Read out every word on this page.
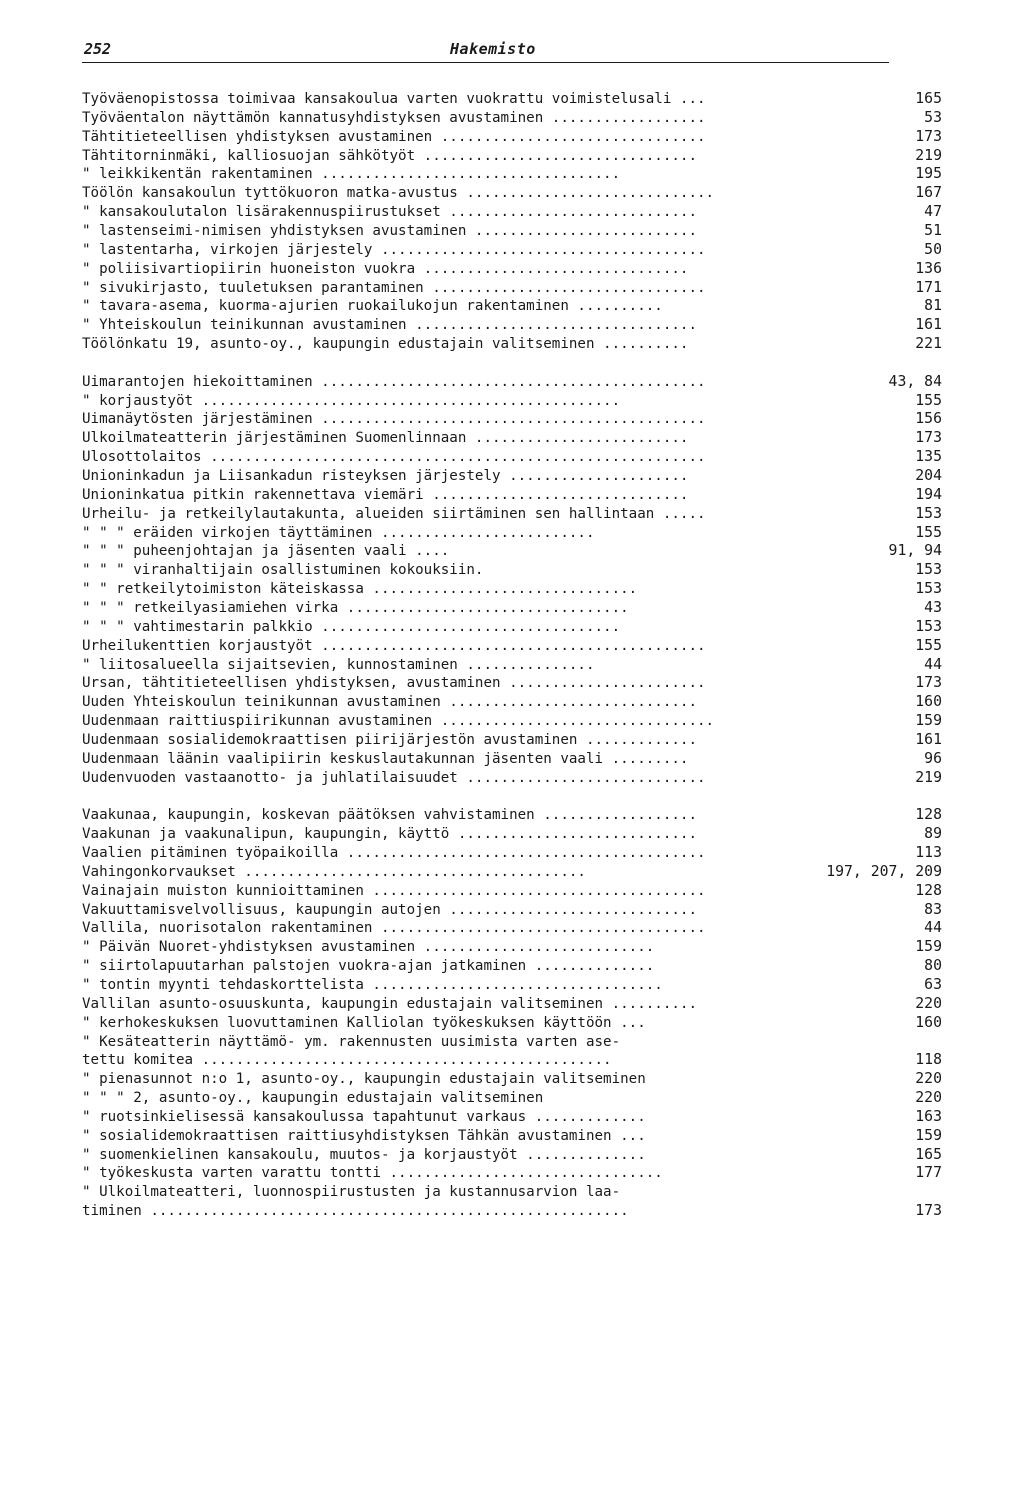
252	Hakemisto
Työväenopistossa toimivaa kansakoulua varten vuokrattu voimistelusali ...	165
Työväentalon näyttämön kannatusyhdistyksen avustaminen ..................	53
Tähtitieteellisen yhdistyksen avustaminen ...............................	173
Tähtitorninmäki, kalliosuojan sähkötyöt ................................	219
" leikkikentän rakentaminen ...................................	195
Töölön kansakoulun tyttökuoron matka-avustus .............................	167
" kansakoulutalon lisärakennuspiirustukset .............................	47
" lastenseimi-nimisen yhdistyksen avustaminen ..........................	51
" lastentarha, virkojen järjestely ......................................	50
" poliisivartiopiirin huoneiston vuokra ...............................	136
" sivukirjasto, tuuletuksen parantaminen ................................	171
" tavara-asema, kuorma-ajurien ruokailukojun rakentaminen ..........	81
" Yhteiskoulun teinikunnan avustaminen .................................	161
Töölönkatu 19, asunto-oy., kaupungin edustajain valitseminen ..........	221
Uimarantojen hiekoittaminen .............................................	43, 84
" korjaustyöt .................................................	155
Uimanäytösten järjestäminen .............................................	156
Ulkoilmateatterin järjestäminen Suomenlinnaan .........................	173
Ulosottolaitos ..........................................................	135
Unioninkadun ja Liisankadun risteyksen järjestely .....................	204
Unioninkatua pitkin rakennettava viemäri ..............................	194
Urheilu- ja retkeilylautakunta, alueiden siirtäminen sen hallintaan .....	153
" " " eräiden virkojen täyttäminen .........................	155
" " " puheenjohtajan ja jäsenten vaali ....	91, 94
" " " viranhaltijain osallistuminen kokouksiin.	153
" " retkeilytoimiston käteiskassa ...............................	153
" " " retkeilyasiamiehen virka .................................	43
" " " vahtimestarin palkkio ...................................	153
Urheilukenttien korjaustyöt .............................................	155
" liitosalueella sijaitsevien, kunnostaminen ...............	44
Ursan, tähtitieteellisen yhdistyksen, avustaminen .......................	173
Uuden Yhteiskoulun teinikunnan avustaminen .............................	160
Uudenmaan raittiuspiirikunnan avustaminen ................................	159
Uudenmaan sosialidemokraattisen piirijärjestön avustaminen .............	161
Uudenmaan läänin vaalipiirin keskuslautakunnan jäsenten vaali .........	96
Uudenvuoden vastaanotto- ja juhlatilaisuudet ............................	219
Vaakunaa, kaupungin, koskevan päätöksen vahvistaminen ..................	128
Vaakunan ja vaakunalipun, kaupungin, käyttö ............................	89
Vaalien pitäminen työpaikoilla ..........................................	113
Vahingonkorvaukset ........................................	197, 207, 209
Vainajain muiston kunnioittaminen .......................................	128
Vakuuttamisvelvollisuus, kaupungin autojen .............................	83
Vallila, nuorisotalon rakentaminen ......................................	44
" Päivän Nuoret-yhdistyksen avustaminen ...........................	159
" siirtolapuutarhan palstojen vuokra-ajan jatkaminen ..............	80
" tontin myynti tehdaskorttelista ..................................	63
Vallilan asunto-osuuskunta, kaupungin edustajain valitseminen ..........	220
" kerhokeskuksen luovuttaminen Kalliolan työkeskuksen käyttöön ...	160
" Kesäteatterin näyttämö- ym. rakennusten uusimista varten ase-
tettu komitea ................................................	118
" pienasunnot n:o 1, asunto-oy., kaupungin edustajain valitseminen	220
" " " 2, asunto-oy., kaupungin edustajain valitseminen	220
" ruotsinkielisessä kansakoulussa tapahtunut varkaus .............	163
" sosialidemokraattisen raittiusyhdistyksen Tähkän avustaminen ...	159
" suomenkielinen kansakoulu, muutos- ja korjaustyöt ..............	165
" työkeskusta varten varattu tontti ................................	177
" Ulkoilmateatteri, luonnospiirustusten ja kustannusarvion laa-
timinen ........................................................	173
